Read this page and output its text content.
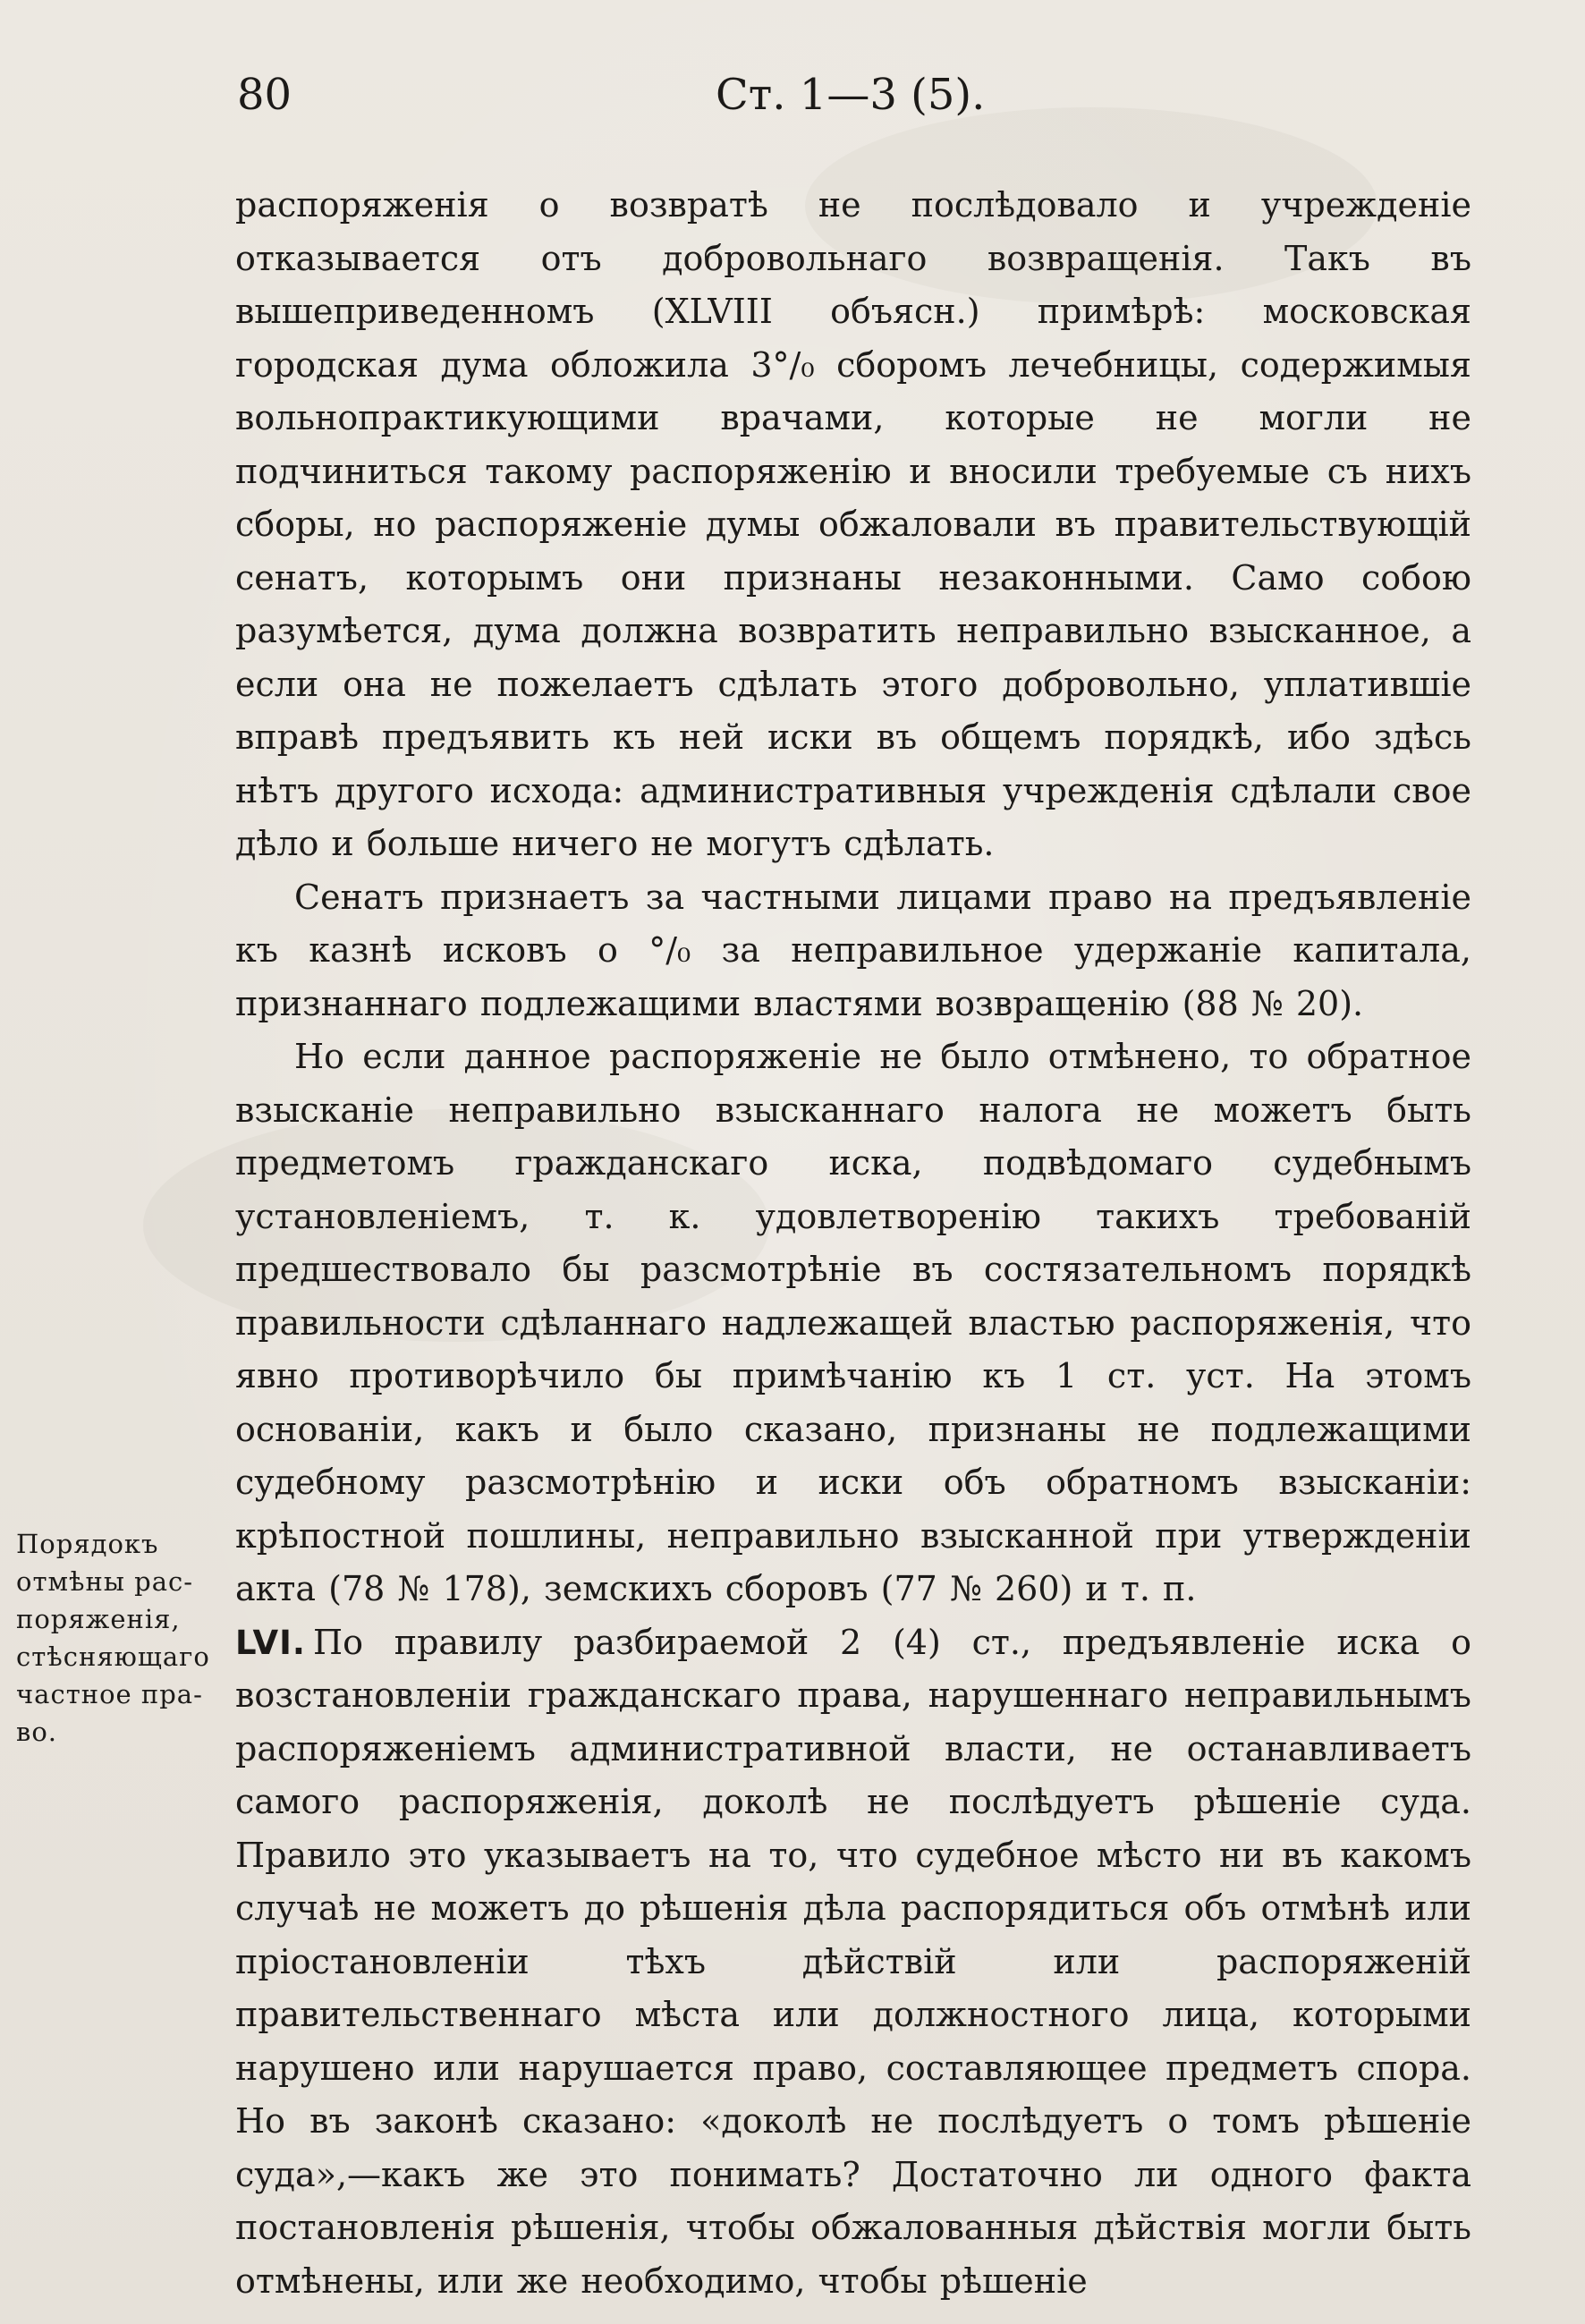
80	Ст. 1—3 (5).
Порядокъ
отмѣны рас-
поряженія,
стѣсняющаго
частное пра-
во.

распоряженія о возвратѣ не послѣдовало и учрежденіе отказывается отъ добровольнаго возвращенія. Такъ въ вышеприведенномъ (XLVIII объясн.) примѣрѣ: московская городская дума обложила 3°/₀ сборомъ лечебницы, содержимыя вольнопрактикующими врачами, которые не могли не подчиниться такому распоряженію и вносили требуемые съ нихъ сборы, но распоряженіе думы обжаловали въ правительствующій сенатъ, которымъ они признаны незаконными. Само собою разумѣется, дума должна возвратить неправильно взысканное, а если она не пожелаетъ сдѣлать этого добровольно, уплатившіе вправѣ предъявить къ ней иски въ общемъ порядкѣ, ибо здѣсь нѣтъ другого исхода: административныя учрежденія сдѣлали свое дѣло и больше ничего не могутъ сдѣлать.

Сенатъ признаетъ за частными лицами право на предъявленіе къ казнѣ исковъ о °/₀ за неправильное удержаніе капитала, признаннаго подлежащими властями возвращенію (88 № 20).

Но если данное распоряженіе не было отмѣнено, то обратное взысканіе неправильно взысканнаго налога не можетъ быть предметомъ гражданскаго иска, подвѣдомаго судебнымъ установленіемъ, т. к. удовлетворенію такихъ требованій предшествовало бы разсмотрѣніе въ состязательномъ порядкѣ правильности сдѣланнаго надлежащей властью распоряженія, что явно противорѣчило бы примѣчанію къ 1 ст. уст. На этомъ основаніи, какъ и было сказано, признаны не подлежащими судебному разсмотрѣнію и иски объ обратномъ взысканіи: крѣпостной пошлины, неправильно взысканной при утвержденіи акта (78 № 178), земскихъ сборовъ (77 № 260) и т. п.

LVI. По правилу разбираемой 2 (4) ст., предъявленіе иска о возстановленіи гражданскаго права, нарушеннаго неправильнымъ распоряженіемъ административной власти, не останавливаетъ самого распоряженія, доколѣ не послѣдуетъ рѣшеніе суда. Правило это указываетъ на то, что судебное мѣсто ни въ какомъ случаѣ не можетъ до рѣшенія дѣла распорядиться объ отмѣнѣ или пріостановленіи тѣхъ дѣйствій или распоряженій правительственнаго мѣста или должностного лица, которыми нарушено или нарушается право, составляющее предметъ спора. Но въ законѣ сказано: «доколѣ не послѣдуетъ о томъ рѣшеніе суда»,—какъ же это понимать? Достаточно ли одного факта постановленія рѣшенія, чтобы обжалованныя дѣйствія могли быть отмѣнены, или же необходимо, чтобы рѣшеніе
